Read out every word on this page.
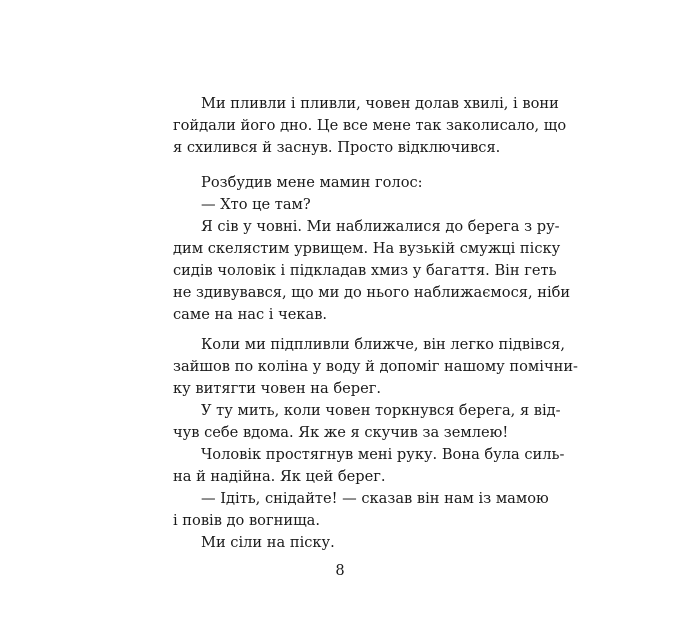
Ми пливли і пливли, човен долав хвилі, і вони
гойдали його дно. Це все мене так заколисало, що
я схилився й заснув. Просто відключився.
Розбудив мене мамин голос:
— Хто це там?
Я сів у човні. Ми наближалися до берега з ру-
дим скелястим урвищем. На вузькій смужці піску
сидів чоловік і підкладав хмиз у багаття. Він геть
не здивувався, що ми до нього наближаємося, ніби
саме на нас і чекав.
Коли ми підпливли ближче, він легко підвівся,
зайшов по коліна у воду й допоміг нашому помічни-
ку витягти човен на берег.
У ту мить, коли човен торкнувся берега, я від-
чув себе вдома. Як же я скучив за землею!
Чоловік простягнув мені руку. Вона була силь-
на й надійна. Як цей берег.
— Ідіть, снідайте! — сказав він нам із мамою
і повів до вогнища.
Ми сіли на піску.
8
